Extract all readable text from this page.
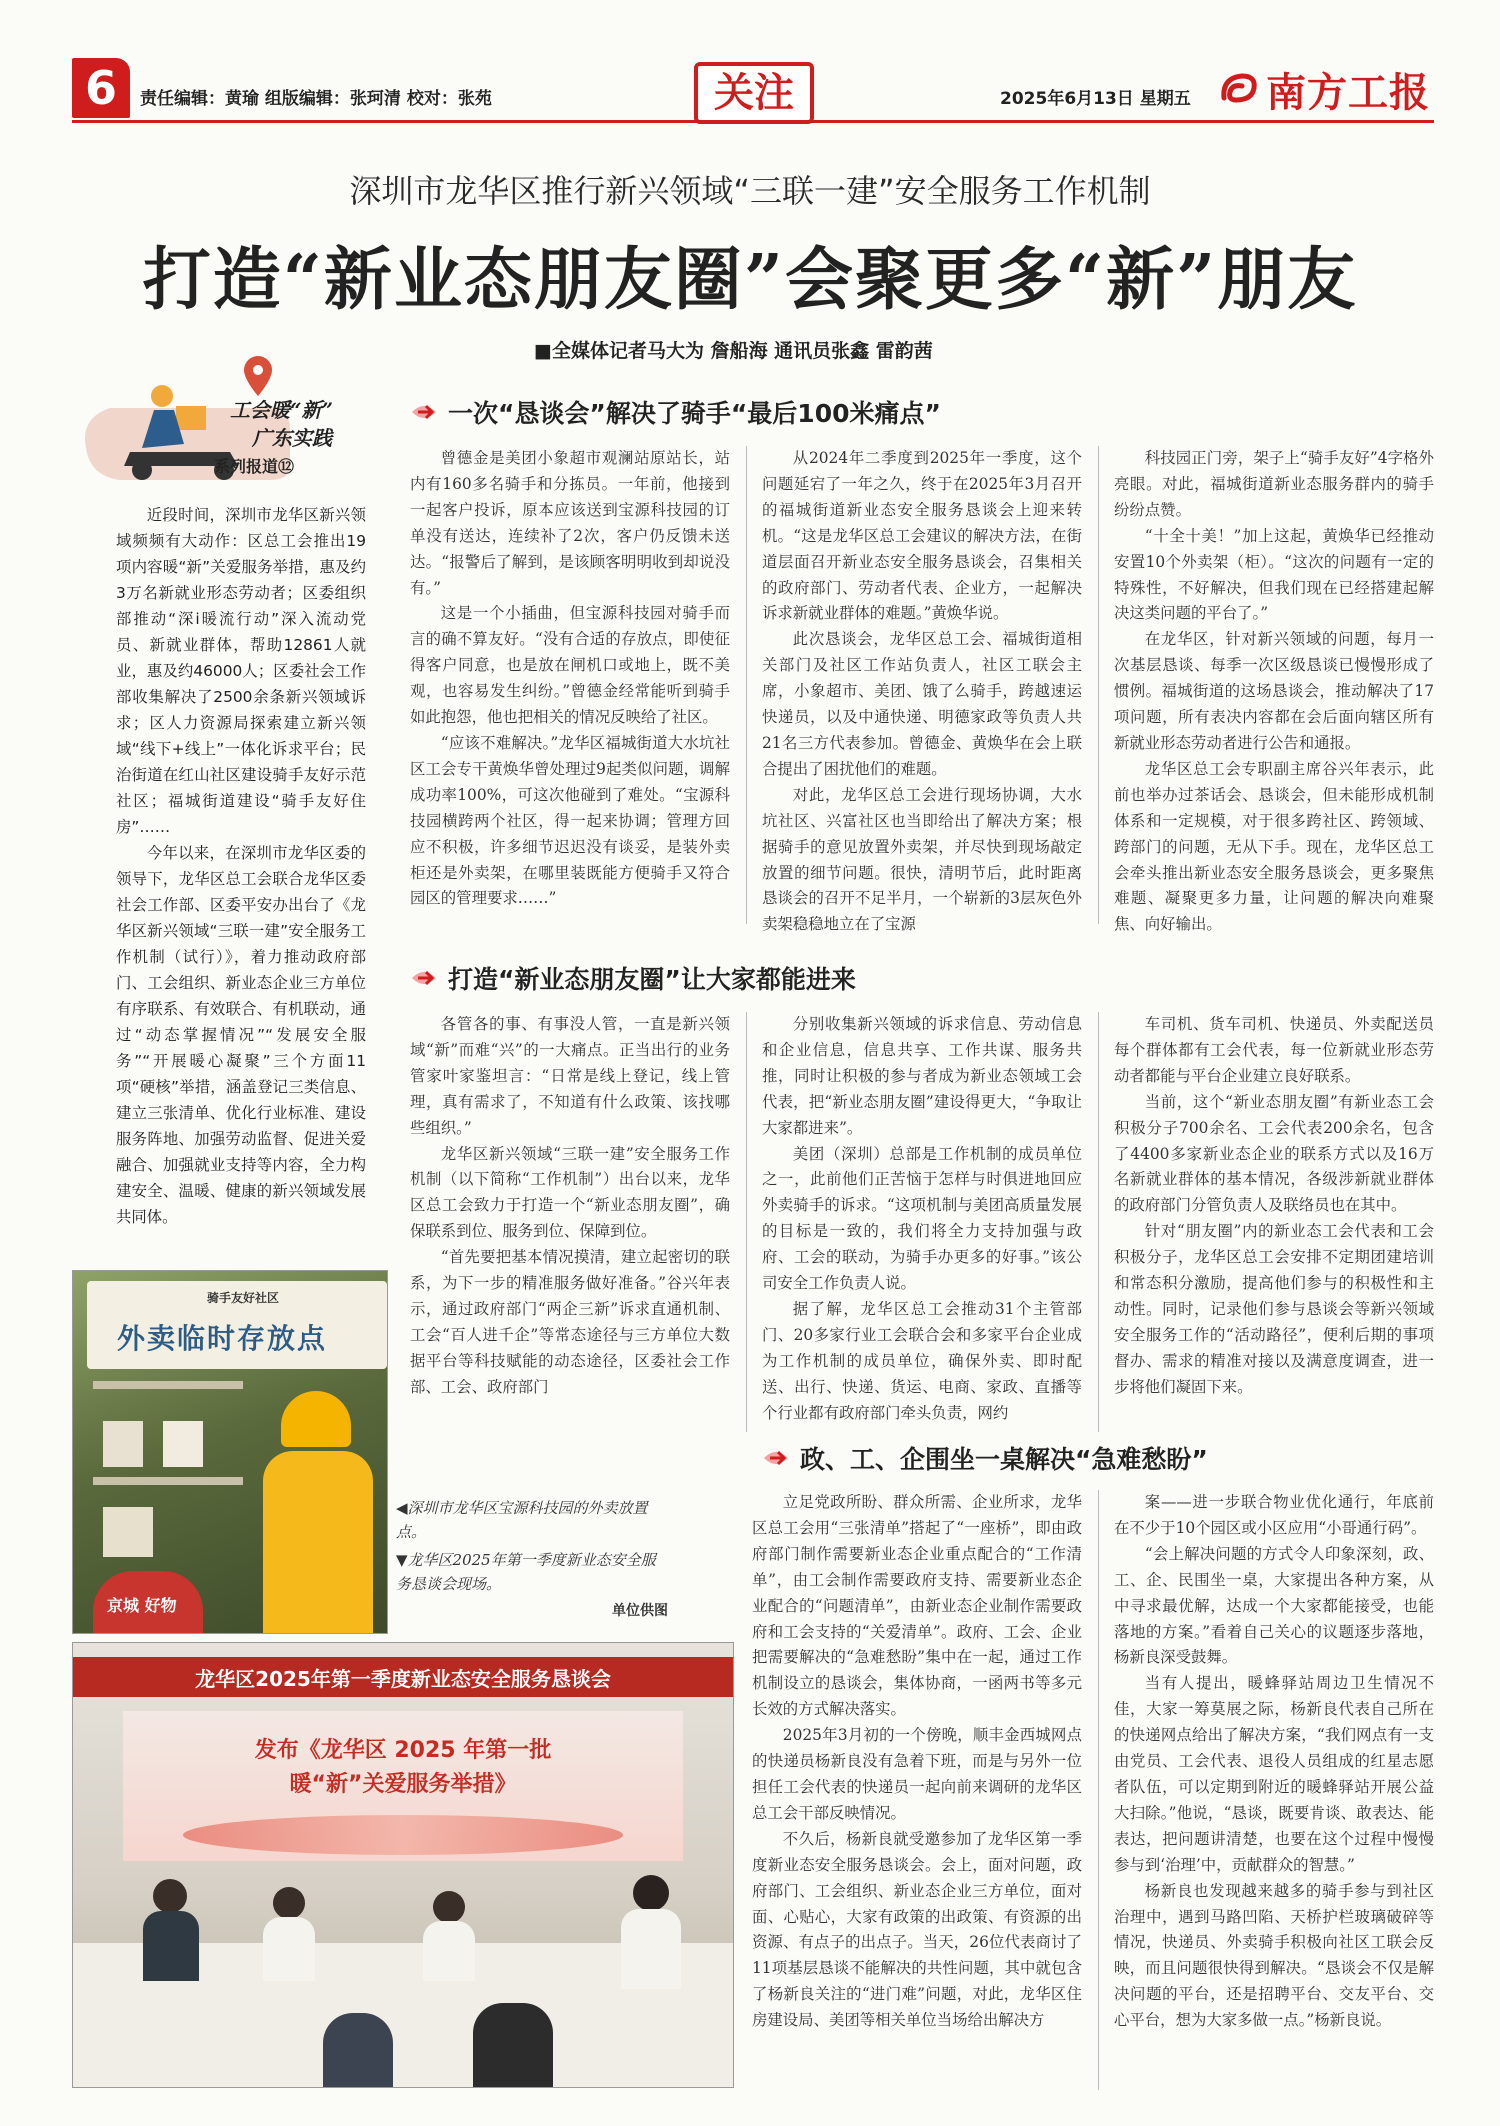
6	责任编辑：黄瑜 组版编辑：张珂清 校对：张苑	关注	2025年6月13日 星期五 南方工报
深圳市龙华区推行新兴领域“三联一建”安全服务工作机制
打造“新业态朋友圈”会聚更多“新”朋友
■全媒体记者马大为 詹船海 通讯员张鑫 雷韵茜
工会暖“新”
广东实践
系列报道⑫

近段时间，深圳市龙华区新兴领域频频有大动作：区总工会推出19项内容暖“新”关爱服务举措，惠及约3万名新就业形态劳动者；区委组织部推动“深i暖流行动”深入流动党员、新就业群体，帮助12861人就业，惠及约46000人；区委社会工作部收集解决了2500余条新兴领域诉求；区人力资源局探索建立新兴领域“线下+线上”一体化诉求平台；民治街道在红山社区建设骑手友好示范社区；福城街道建设“骑手友好住房”……

今年以来，在深圳市龙华区委的领导下，龙华区总工会联合龙华区委社会工作部、区委平安办出台了《龙华区新兴领域“三联一建”安全服务工作机制（试行）》，着力推动政府部门、工会组织、新业态企业三方单位有序联系、有效联合、有机联动，通过“动态掌握情况”“发展安全服务”“开展暖心凝聚”三个方面11项“硬核”举措，涵盖登记三类信息、建立三张清单、优化行业标准、建设服务阵地、加强劳动监督、促进关爱融合、加强就业支持等内容，全力构建安全、温暖、健康的新兴领域发展共同体。

一次“恳谈会”解决了骑手“最后100米痛点”

曾德金是美团小象超市观澜站原站长，站内有160多名骑手和分拣员。一年前，他接到一起客户投诉，原本应该送到宝源科技园的订单没有送达，连续补了2次，客户仍反馈未送达。“报警后了解到，是该顾客明明收到却说没有。”

这是一个小插曲，但宝源科技园对骑手而言的确不算友好。“没有合适的存放点，即使征得客户同意，也是放在闸机口或地上，既不美观，也容易发生纠纷。”曾德金经常能听到骑手如此抱怨，他也把相关的情况反映给了社区。

“应该不难解决。”龙华区福城街道大水坑社区工会专干黄焕华曾处理过9起类似问题，调解成功率100%，可这次他碰到了难处。“宝源科技园横跨两个社区，得一起来协调；管理方回应不积极，许多细节迟迟没有谈妥，是装外卖柜还是外卖架，在哪里装既能方便骑手又符合园区的管理要求……”

从2024年二季度到2025年一季度，这个问题延宕了一年之久，终于在2025年3月召开的福城街道新业态安全服务恳谈会上迎来转机。“这是龙华区总工会建议的解决方法，在街道层面召开新业态安全服务恳谈会，召集相关的政府部门、劳动者代表、企业方，一起解决诉求新就业群体的难题。”黄焕华说。

此次恳谈会，龙华区总工会、福城街道相关部门及社区工作站负责人，社区工联会主席，小象超市、美团、饿了么骑手，跨越速运快递员，以及中通快递、明德家政等负责人共21名三方代表参加。曾德金、黄焕华在会上联合提出了困扰他们的难题。

对此，龙华区总工会进行现场协调，大水坑社区、兴富社区也当即给出了解决方案；根据骑手的意见放置外卖架，并尽快到现场敲定放置的细节问题。很快，清明节后，此时距离恳谈会的召开不足半月，一个崭新的3层灰色外卖架稳稳地立在了宝源

科技园正门旁，架子上“骑手友好”4字格外亮眼。对此，福城街道新业态服务群内的骑手纷纷点赞。

“十全十美！”加上这起，黄焕华已经推动安置10个外卖架（柜）。“这次的问题有一定的特殊性，不好解决，但我们现在已经搭建起解决这类问题的平台了。”

在龙华区，针对新兴领域的问题，每月一次基层恳谈、每季一次区级恳谈已慢慢形成了惯例。福城街道的这场恳谈会，推动解决了17项问题，所有表决内容都在会后面向辖区所有新就业形态劳动者进行公告和通报。

龙华区总工会专职副主席谷兴年表示，此前也举办过茶话会、恳谈会，但未能形成机制体系和一定规模，对于很多跨社区、跨领域、跨部门的问题，无从下手。现在，龙华区总工会牵头推出新业态安全服务恳谈会，更多聚焦难题、凝聚更多力量，让问题的解决向难聚焦、向好输出。

打造“新业态朋友圈”让大家都能进来

各管各的事、有事没人管，一直是新兴领域“新”而难“兴”的一大痛点。正当出行的业务管家叶家鉴坦言：“日常是线上登记，线上管理，真有需求了，不知道有什么政策、该找哪些组织。”

龙华区新兴领域“三联一建”安全服务工作机制（以下简称“工作机制”）出台以来，龙华区总工会致力于打造一个“新业态朋友圈”，确保联系到位、服务到位、保障到位。

“首先要把基本情况摸清，建立起密切的联系，为下一步的精准服务做好准备。”谷兴年表示，通过政府部门“两企三新”诉求直通机制、工会“百人进千企”等常态途径与三方单位大数据平台等科技赋能的动态途径，区委社会工作部、工会、政府部门

分别收集新兴领域的诉求信息、劳动信息和企业信息，信息共享、工作共谋、服务共推，同时让积极的参与者成为新业态领域工会代表，把“新业态朋友圈”建设得更大，“争取让大家都进来”。

美团（深圳）总部是工作机制的成员单位之一，此前他们正苦恼于怎样与时俱进地回应外卖骑手的诉求。“这项机制与美团高质量发展的目标是一致的，我们将全力支持加强与政府、工会的联动，为骑手办更多的好事。”该公司安全工作负责人说。

据了解，龙华区总工会推动31个主管部门、20多家行业工会联合会和多家平台企业成为工作机制的成员单位，确保外卖、即时配送、出行、快递、货运、电商、家政、直播等个行业都有政府部门牵头负责，网约

车司机、货车司机、快递员、外卖配送员每个群体都有工会代表，每一位新就业形态劳动者都能与平台企业建立良好联系。

当前，这个“新业态朋友圈”有新业态工会积极分子700余名、工会代表200余名，包含了4400多家新业态企业的联系方式以及16万名新就业群体的基本情况，各级涉新就业群体的政府部门分管负责人及联络员也在其中。

针对“朋友圈”内的新业态工会代表和工会积极分子，龙华区总工会安排不定期团建培训和常态积分激励，提高他们参与的积极性和主动性。同时，记录他们参与恳谈会等新兴领域安全服务工作的“活动路径”，便利后期的事项督办、需求的精准对接以及满意度调查，进一步将他们凝固下来。

政、工、企围坐一桌解决“急难愁盼”

立足党政所盼、群众所需、企业所求，龙华区总工会用“三张清单”搭起了“一座桥”，即由政府部门制作需要新业态企业重点配合的“工作清单”，由工会制作需要政府支持、需要新业态企业配合的“问题清单”，由新业态企业制作需要政府和工会支持的“关爱清单”。政府、工会、企业把需要解决的“急难愁盼”集中在一起，通过工作机制设立的恳谈会，集体协商，一函两书等多元长效的方式解决落实。

2025年3月初的一个傍晚，顺丰金西城网点的快递员杨新良没有急着下班，而是与另外一位担任工会代表的快递员一起向前来调研的龙华区总工会干部反映情况。

不久后，杨新良就受邀参加了龙华区第一季度新业态安全服务恳谈会。会上，面对问题，政府部门、工会组织、新业态企业三方单位，面对面、心贴心，大家有政策的出政策、有资源的出资源、有点子的出点子。当天，26位代表商讨了11项基层恳谈不能解决的共性问题，其中就包含了杨新良关注的“进门难”问题，对此，龙华区住房建设局、美团等相关单位当场给出解决方

案——进一步联合物业优化通行，年底前在不少于10个园区或小区应用“小哥通行码”。

“会上解决问题的方式令人印象深刻，政、工、企、民围坐一桌，大家提出各种方案，从中寻求最优解，达成一个大家都能接受，也能落地的方案。”看着自己关心的议题逐步落地，杨新良深受鼓舞。

当有人提出，暖蜂驿站周边卫生情况不佳，大家一筹莫展之际，杨新良代表自己所在的快递网点给出了解决方案，“我们网点有一支由党员、工会代表、退役人员组成的红星志愿者队伍，可以定期到附近的暖蜂驿站开展公益大扫除。”他说，“恳谈，既要肯谈、敢表达、能表达，把问题讲清楚，也要在这个过程中慢慢参与到‘治理’中，贡献群众的智慧。”

杨新良也发现越来越多的骑手参与到社区治理中，遇到马路凹陷、天桥护栏玻璃破碎等情况，快递员、外卖骑手积极向社区工联会反映，而且问题很快得到解决。“恳谈会不仅是解决问题的平台，还是招聘平台、交友平台、交心平台，想为大家多做一点。”杨新良说。

骑手友好社区
外卖临时存放点
京城 好物
◀深圳市龙华区宝源科技园的外卖放置点。
▼龙华区2025年第一季度新业态安全服务恳谈会现场。
单位供图
龙华区2025年第一季度新业态安全服务恳谈会
发布《龙华区 2025 年第一批
暖“新”关爱服务举措》
